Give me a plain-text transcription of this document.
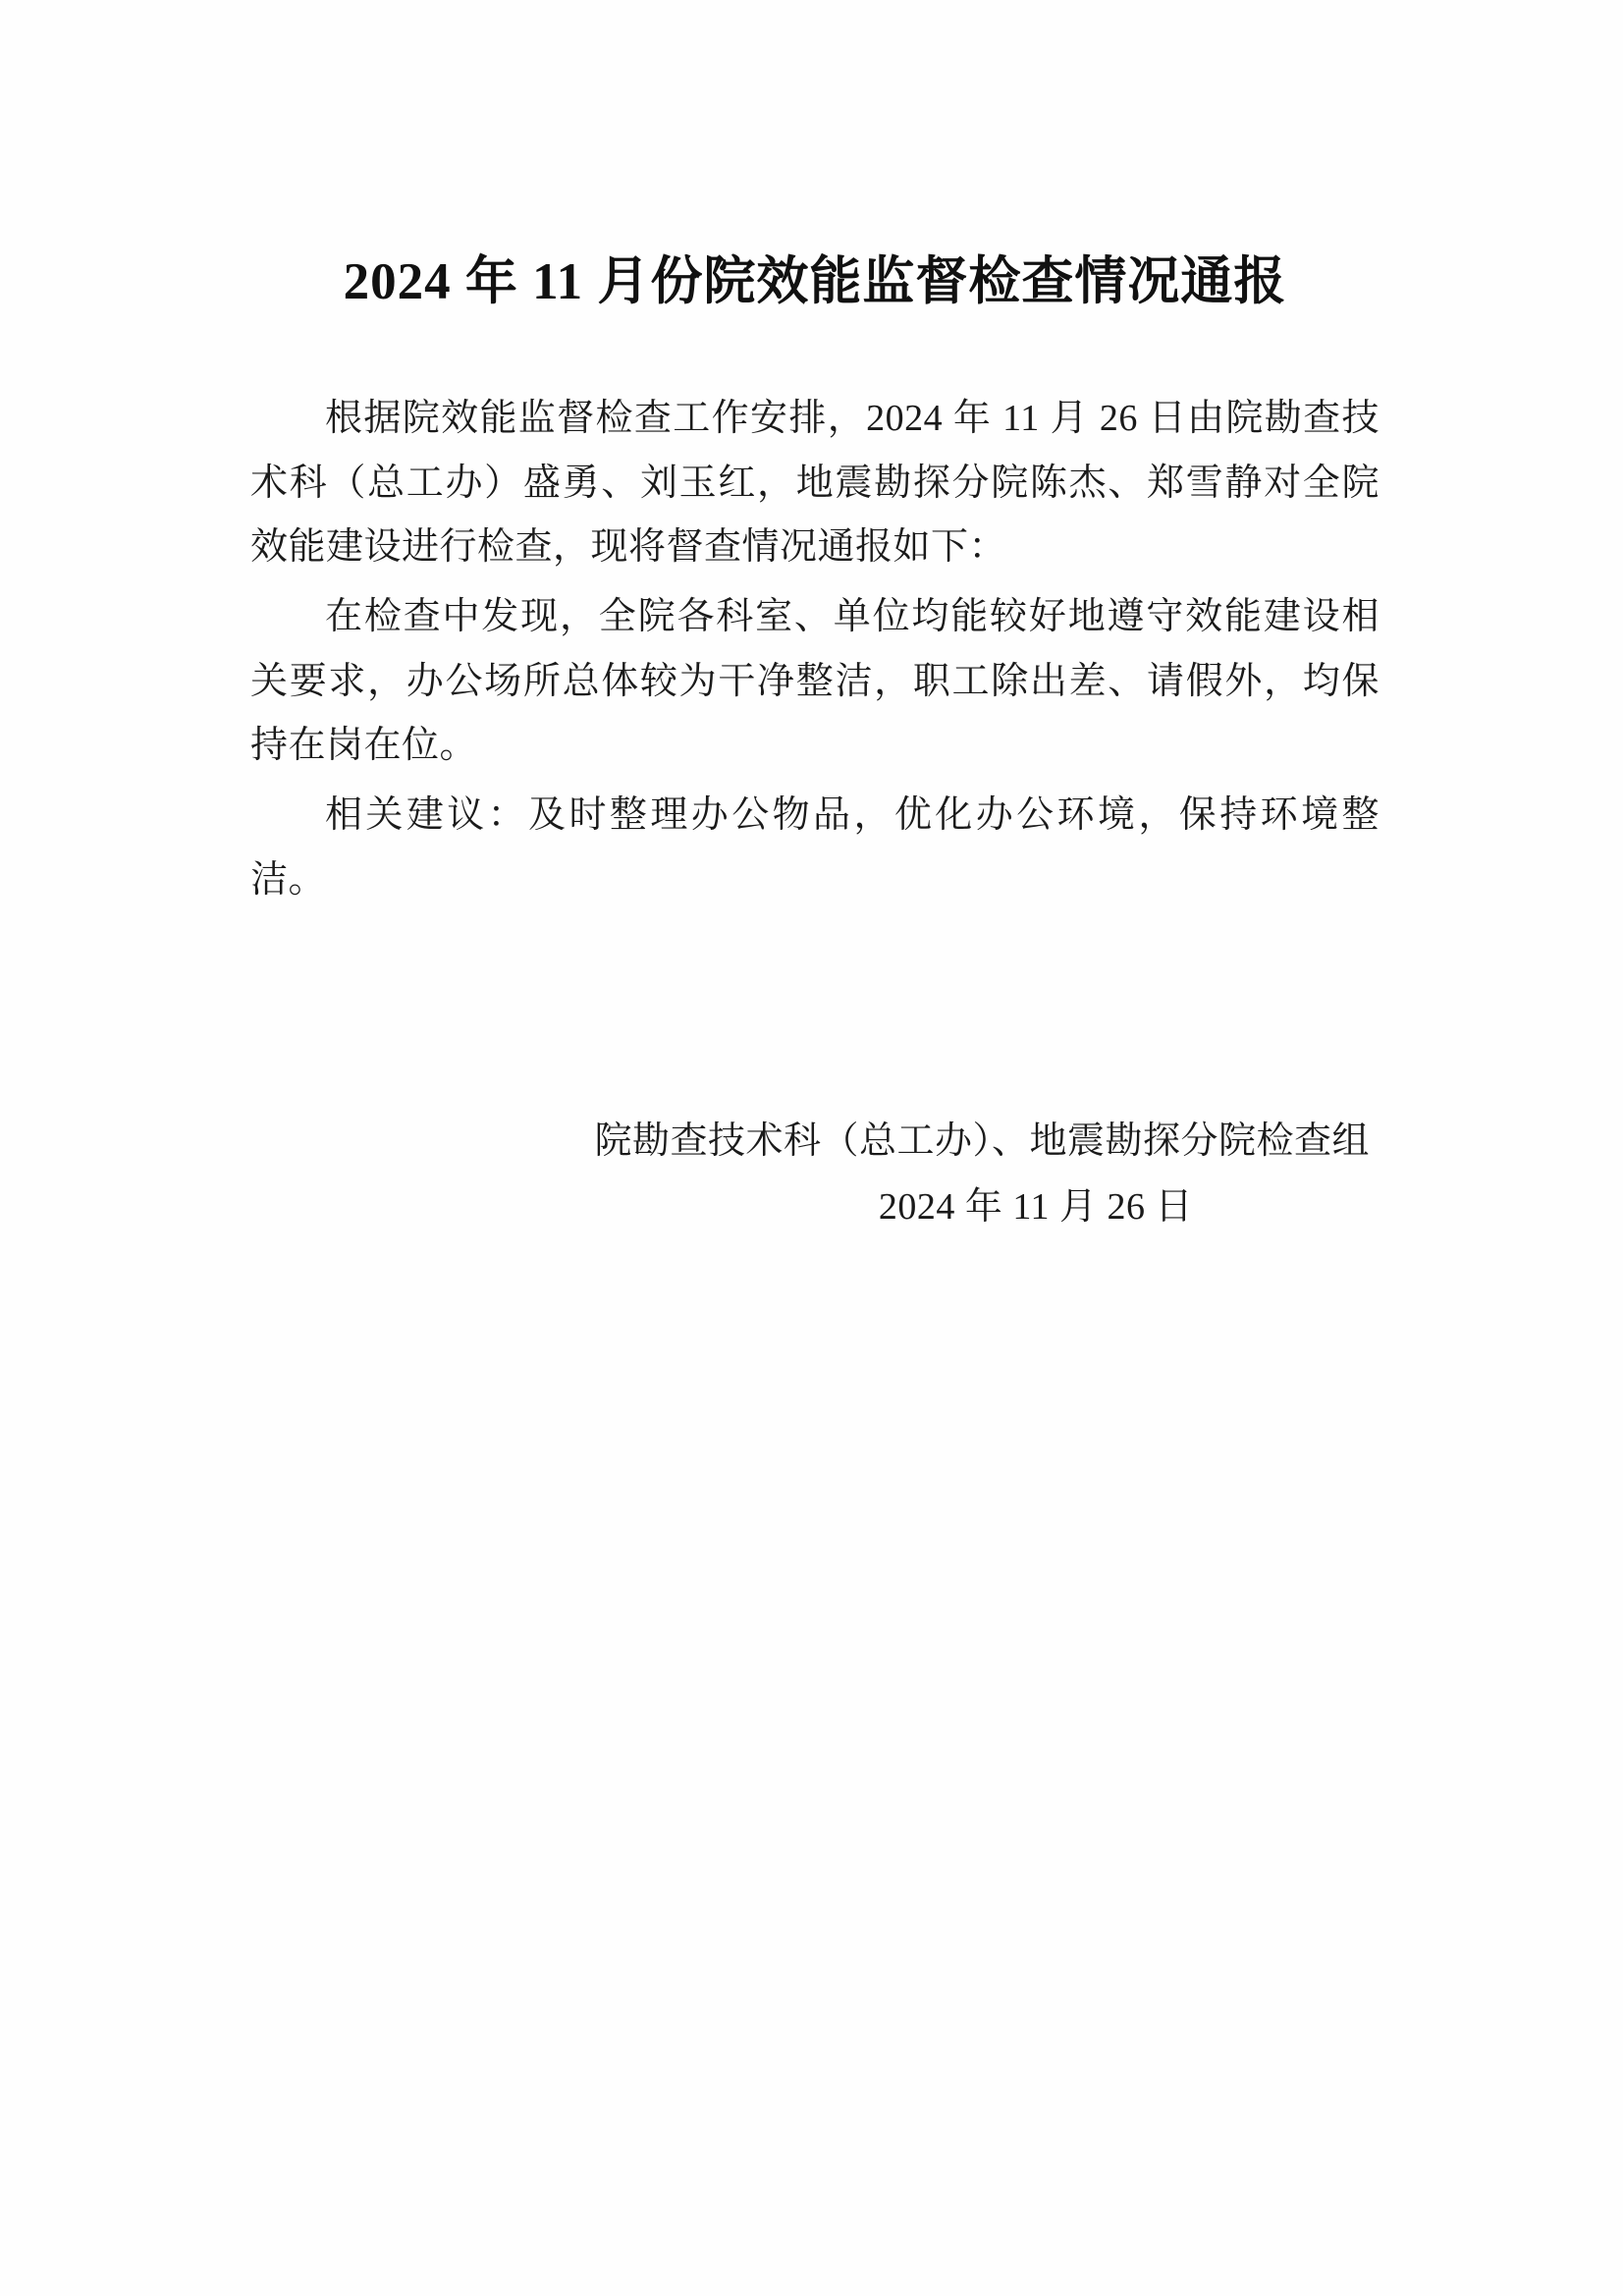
2024 年 11 月份院效能监督检查情况通报

根据院效能监督检查工作安排，2024 年 11 月 26 日由院勘查技术科（总工办）盛勇、刘玉红，地震勘探分院陈杰、郑雪静对全院效能建设进行检查，现将督查情况通报如下：

在检查中发现，全院各科室、单位均能较好地遵守效能建设相关要求，办公场所总体较为干净整洁，职工除出差、请假外，均保持在岗在位。

相关建议：及时整理办公物品，优化办公环境，保持环境整洁。

院勘查技术科（总工办）、地震勘探分院检查组
2024 年 11 月 26 日
